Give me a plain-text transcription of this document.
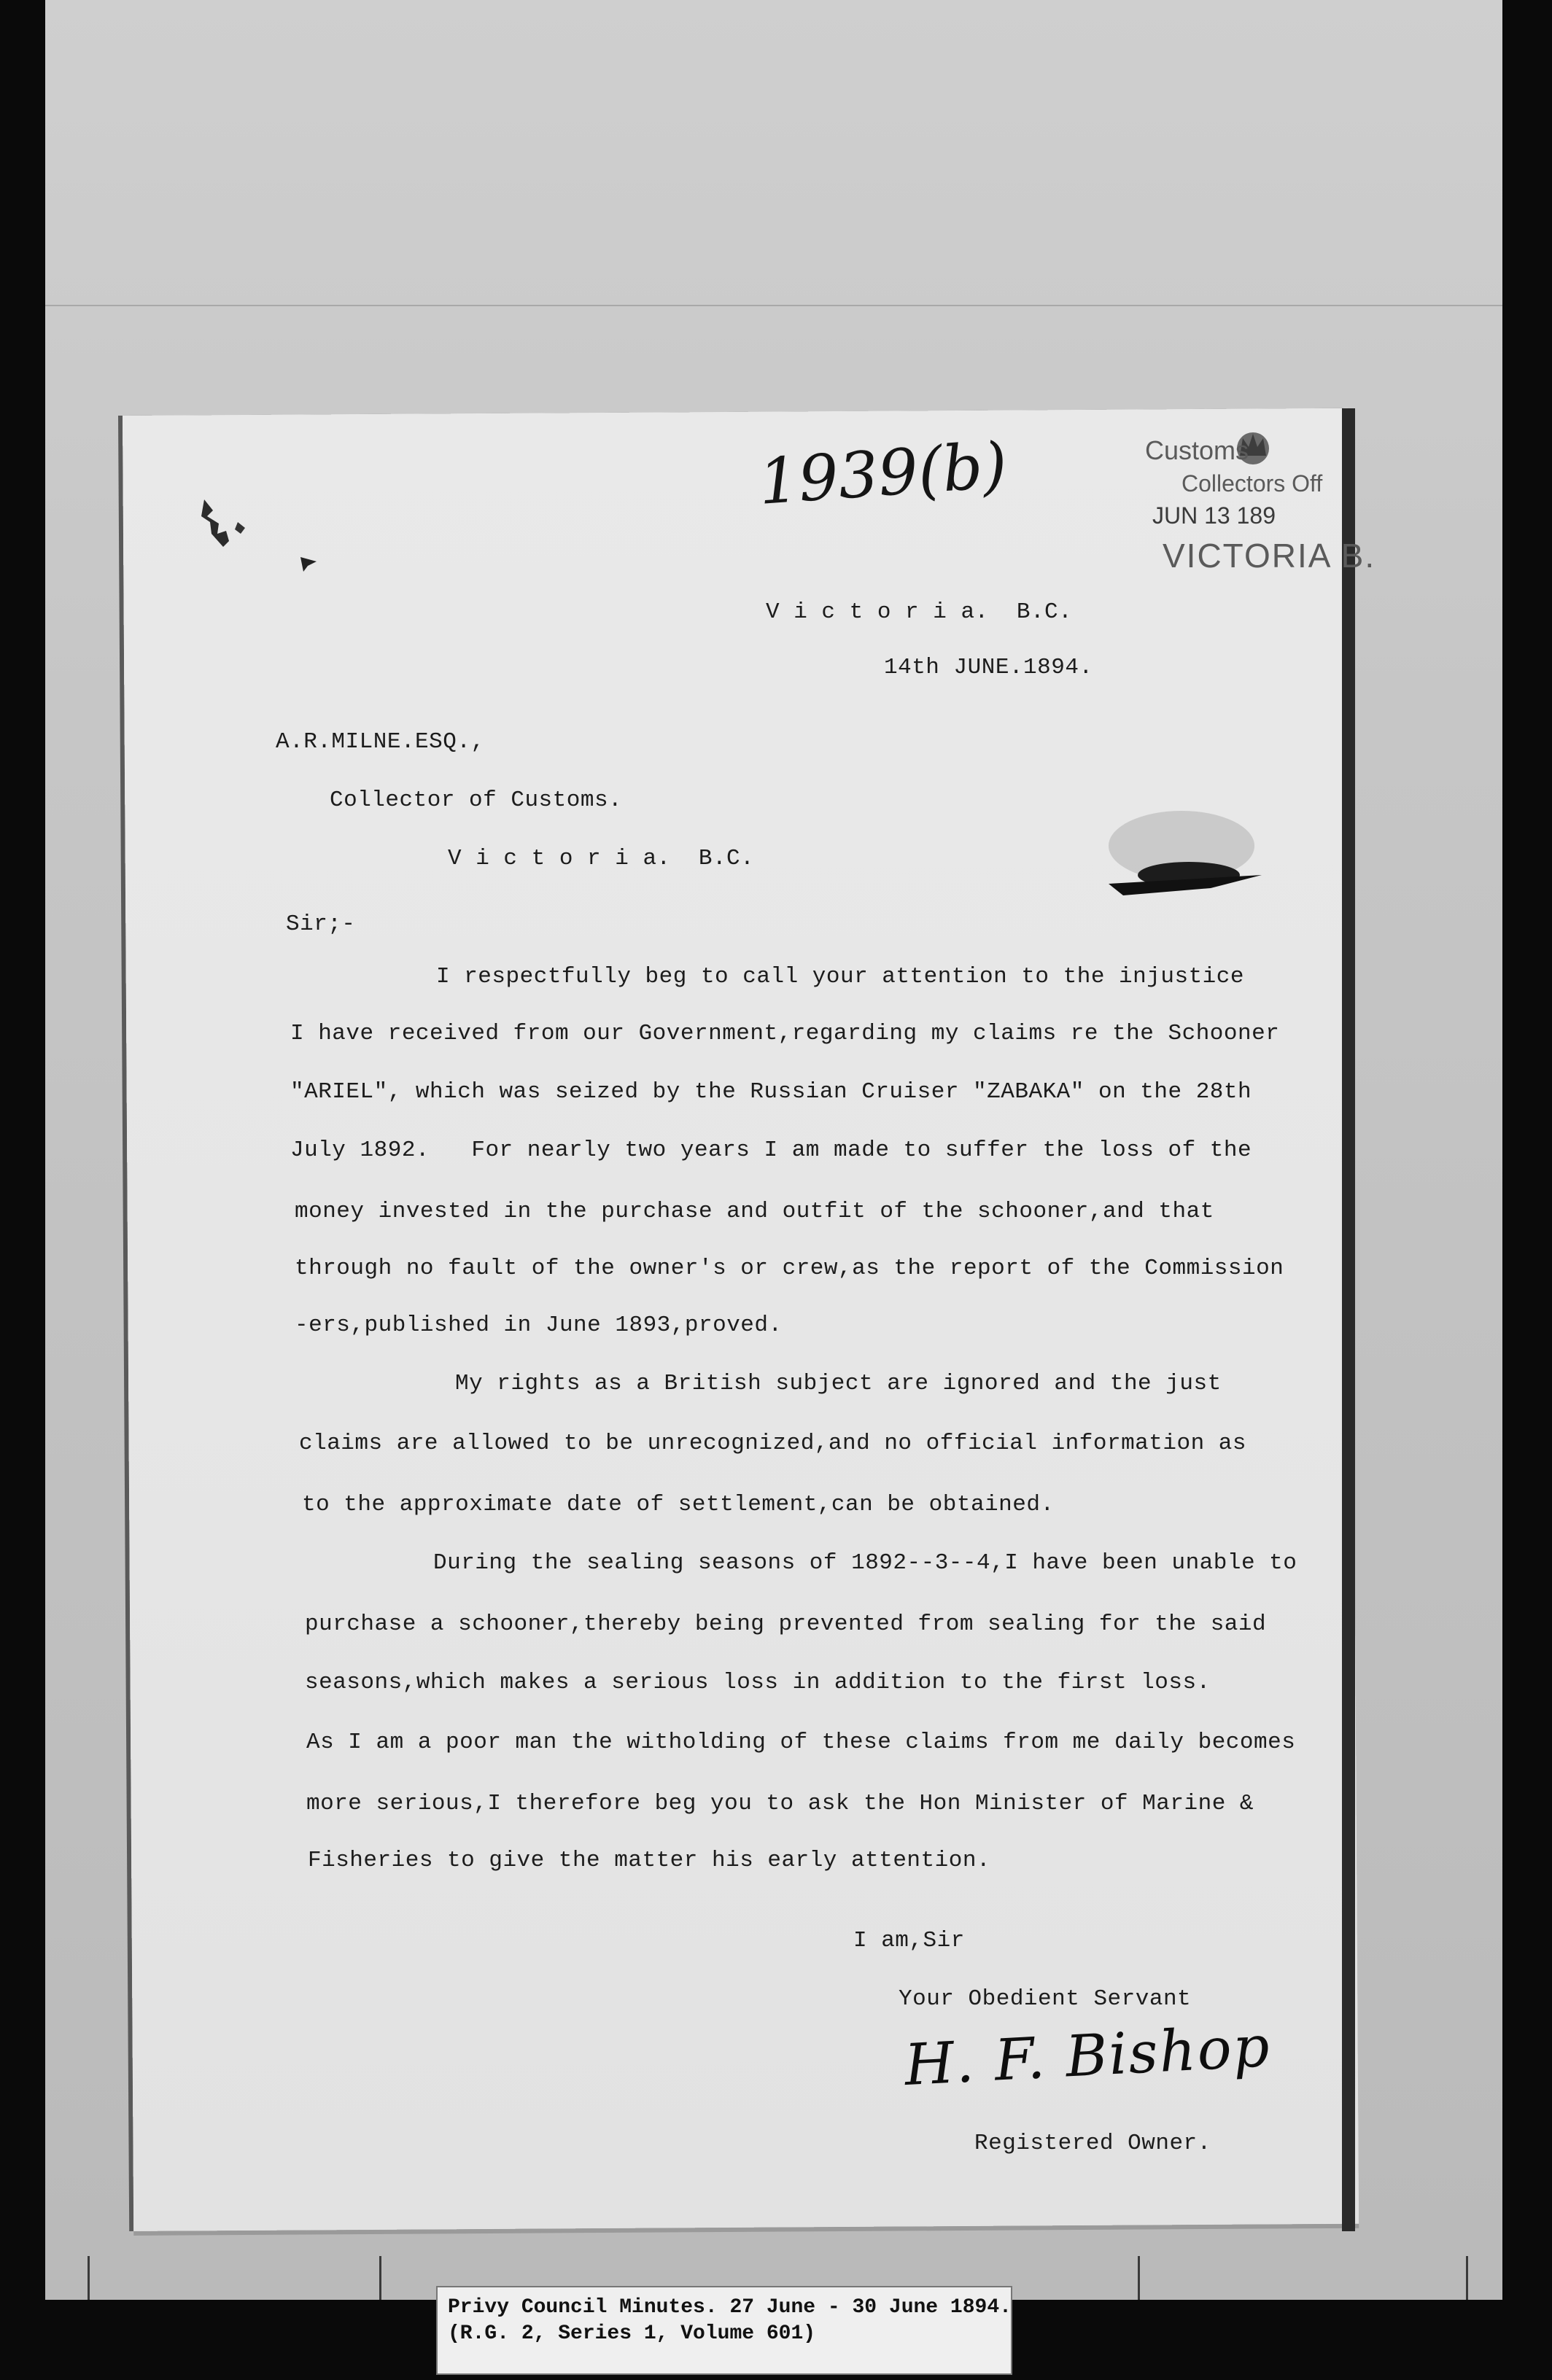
1939(b)	Customs
Collectors Off
JUN 13 189
VICTORIA B.
V i c t o r i a.  B.C.
14th JUNE.1894.
A.R.MILNE.ESQ.,
Collector of Customs.
V i c t o r i a.  B.C.
Sir;-
I respectfully beg to call your attention to the injustice
I have received from our Government,regarding my claims re the Schooner
"ARIEL", which was seized by the Russian Cruiser "ZABAKA" on the 28th
July 1892.   For nearly two years I am made to suffer the loss of the
money invested in the purchase and outfit of the schooner,and that
through no fault of the owner's or crew,as the report of the Commission
-ers,published in June 1893,proved.
My rights as a British subject are ignored and the just
claims are allowed to be unrecognized,and no official information as
to the approximate date of settlement,can be obtained.
During the sealing seasons of 1892--3--4,I have been unable to
purchase a schooner,thereby being prevented from sealing for the said
seasons,which makes a serious loss in addition to the first loss.
As I am a poor man the witholding of these claims from me daily becomes
more serious,I therefore beg you to ask the Hon Minister of Marine &
Fisheries to give the matter his early attention.
I am,Sir
Your Obedient Servant
H. F. Bishop
Registered Owner.
Privy Council Minutes. 27 June - 30 June 1894.
(R.G. 2, Series 1, Volume 601)
